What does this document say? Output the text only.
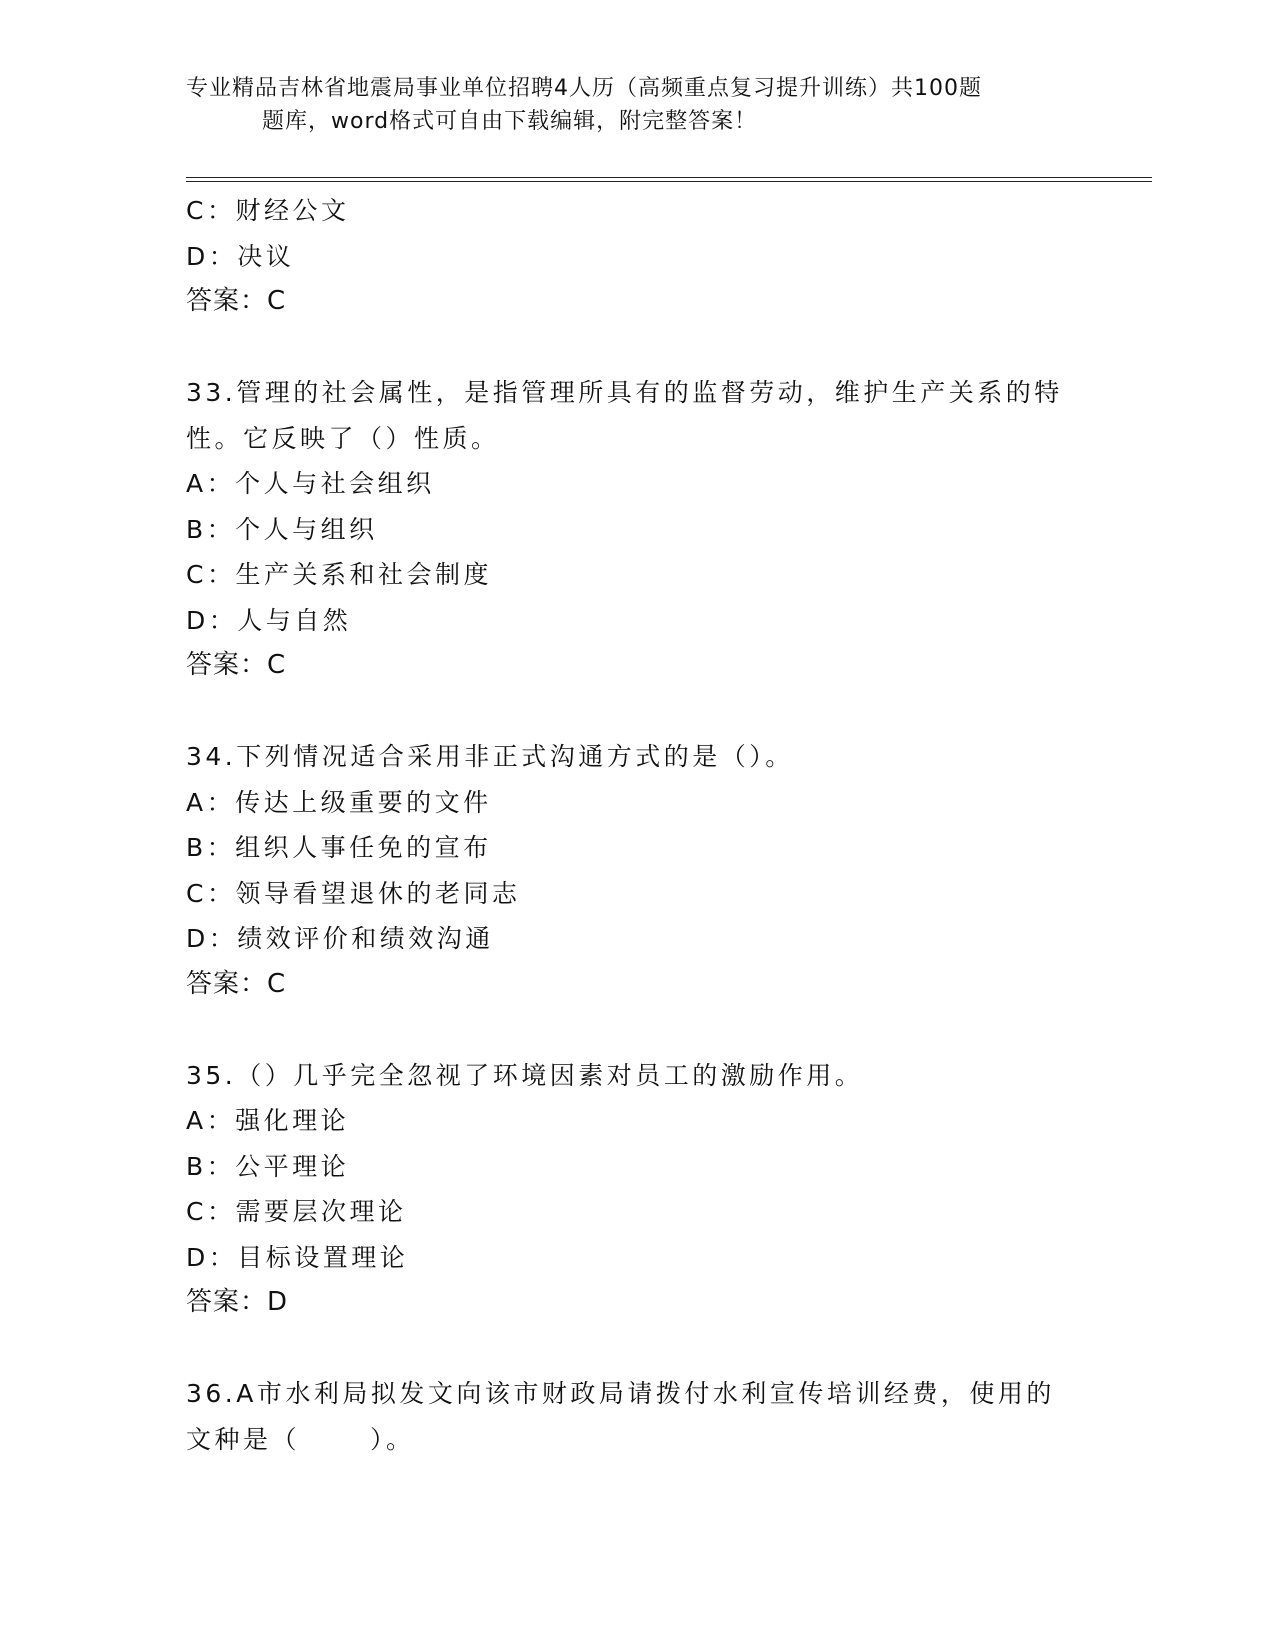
专业精品吉林省地震局事业单位招聘4人历（高频重点复习提升训练）共100题
题库，word格式可自由下载编辑，附完整答案！
C：财经公文
D：决议
答案：C
33.管理的社会属性，是指管理所具有的监督劳动，维护生产关系的特
性。它反映了（）性质。
A：个人与社会组织
B：个人与组织
C：生产关系和社会制度
D：人与自然
答案：C
34.下列情况适合采用非正式沟通方式的是（）。
A：传达上级重要的文件
B：组织人事任免的宣布
C：领导看望退休的老同志
D：绩效评价和绩效沟通
答案：C
35.（）几乎完全忽视了环境因素对员工的激励作用。
A：强化理论
B：公平理论
C：需要层次理论
D：目标设置理论
答案：D
36.A市水利局拟发文向该市财政局请拨付水利宣传培训经费，使用的
文种是（	）。
